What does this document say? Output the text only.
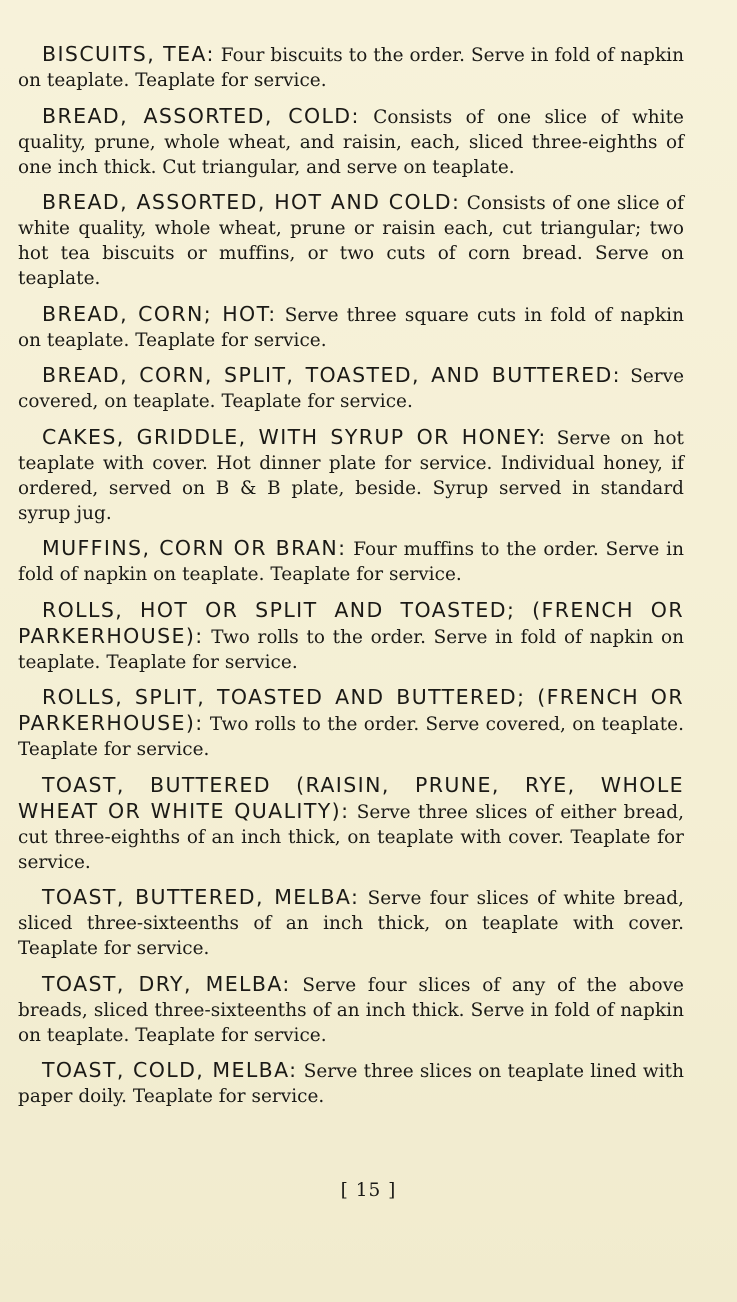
BISCUITS, TEA: Four biscuits to the order. Serve in fold of napkin on teaplate. Teaplate for service.

BREAD, ASSORTED, COLD: Consists of one slice of white quality, prune, whole wheat, and raisin, each, sliced three-eighths of one inch thick. Cut triangular, and serve on teaplate.

BREAD, ASSORTED, HOT AND COLD: Consists of one slice of white quality, whole wheat, prune or raisin each, cut triangular; two hot tea biscuits or muffins, or two cuts of corn bread. Serve on teaplate.

BREAD, CORN; HOT: Serve three square cuts in fold of napkin on teaplate. Teaplate for service.

BREAD, CORN, SPLIT, TOASTED, AND BUTTERED: Serve covered, on teaplate. Teaplate for service.

CAKES, GRIDDLE, WITH SYRUP OR HONEY: Serve on hot teaplate with cover. Hot dinner plate for service. Individual honey, if ordered, served on B & B plate, beside. Syrup served in standard syrup jug.

MUFFINS, CORN OR BRAN: Four muffins to the order. Serve in fold of napkin on teaplate. Teaplate for service.

ROLLS, HOT OR SPLIT AND TOASTED; (FRENCH OR PARKERHOUSE): Two rolls to the order. Serve in fold of napkin on teaplate. Teaplate for service.

ROLLS, SPLIT, TOASTED AND BUTTERED; (FRENCH OR PARKERHOUSE): Two rolls to the order. Serve covered, on teaplate. Teaplate for service.

TOAST, BUTTERED (RAISIN, PRUNE, RYE, WHOLE WHEAT OR WHITE QUALITY): Serve three slices of either bread, cut three-eighths of an inch thick, on teaplate with cover. Teaplate for service.

TOAST, BUTTERED, MELBA: Serve four slices of white bread, sliced three-sixteenths of an inch thick, on teaplate with cover. Teaplate for service.

TOAST, DRY, MELBA: Serve four slices of any of the above breads, sliced three-sixteenths of an inch thick. Serve in fold of napkin on teaplate. Teaplate for service.

TOAST, COLD, MELBA: Serve three slices on teaplate lined with paper doily. Teaplate for service.

[ 15 ]
